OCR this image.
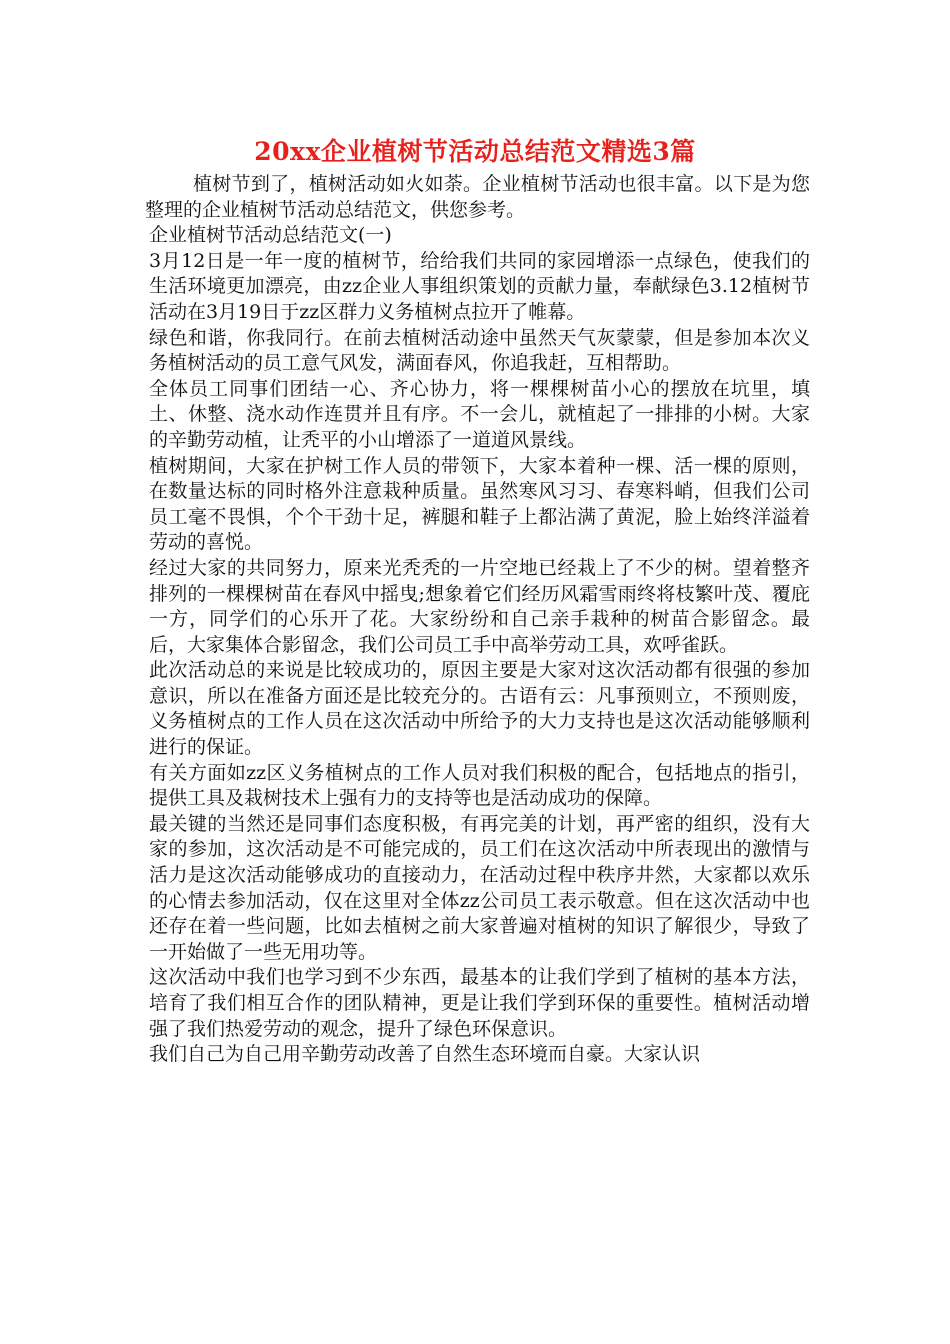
20xx企业植树节活动总结范文精选3篇

植树节到了，植树活动如火如荼。企业植树节活动也很丰富。以下是为您整理的企业植树节活动总结范文，供您参考。

企业植树节活动总结范文(一)

3月12日是一年一度的植树节，给给我们共同的家园增添一点绿色，使我们的生活环境更加漂亮，由zz企业人事组织策划的贡献力量，奉献绿色3.12植树节活动在3月19日于zz区群力义务植树点拉开了帷幕。

绿色和谐，你我同行。在前去植树活动途中虽然天气灰蒙蒙，但是参加本次义务植树活动的员工意气风发，满面春风，你追我赶，互相帮助。

全体员工同事们团结一心、齐心协力，将一棵棵树苗小心的摆放在坑里，填土、休整、浇水动作连贯并且有序。不一会儿，就植起了一排排的小树。大家的辛勤劳动植，让秃平的小山增添了一道道风景线。

植树期间，大家在护树工作人员的带领下，大家本着种一棵、活一棵的原则，在数量达标的同时格外注意栽种质量。虽然寒风习习、春寒料峭，但我们公司员工毫不畏惧，个个干劲十足，裤腿和鞋子上都沾满了黄泥，脸上始终洋溢着劳动的喜悦。

经过大家的共同努力，原来光秃秃的一片空地已经栽上了不少的树。望着整齐排列的一棵棵树苗在春风中摇曳;想象着它们经历风霜雪雨终将枝繁叶茂、覆庇一方，同学们的心乐开了花。大家纷纷和自己亲手栽种的树苗合影留念。最后，大家集体合影留念，我们公司员工手中高举劳动工具，欢呼雀跃。

此次活动总的来说是比较成功的，原因主要是大家对这次活动都有很强的参加意识，所以在准备方面还是比较充分的。古语有云：凡事预则立，不预则废，义务植树点的工作人员在这次活动中所给予的大力支持也是这次活动能够顺利进行的保证。

有关方面如zz区义务植树点的工作人员对我们积极的配合，包括地点的指引，提供工具及栽树技术上强有力的支持等也是活动成功的保障。

最关键的当然还是同事们态度积极，有再完美的计划，再严密的组织，没有大家的参加，这次活动是不可能完成的，员工们在这次活动中所表现出的激情与活力是这次活动能够成功的直接动力，在活动过程中秩序井然，大家都以欢乐的心情去参加活动，仅在这里对全体zz公司员工表示敬意。但在这次活动中也还存在着一些问题，比如去植树之前大家普遍对植树的知识了解很少，导致了一开始做了一些无用功等。

这次活动中我们也学习到不少东西，最基本的让我们学到了植树的基本方法，培育了我们相互合作的团队精神，更是让我们学到环保的重要性。植树活动增强了我们热爱劳动的观念，提升了绿色环保意识。

我们自己为自己用辛勤劳动改善了自然生态环境而自豪。大家认识
